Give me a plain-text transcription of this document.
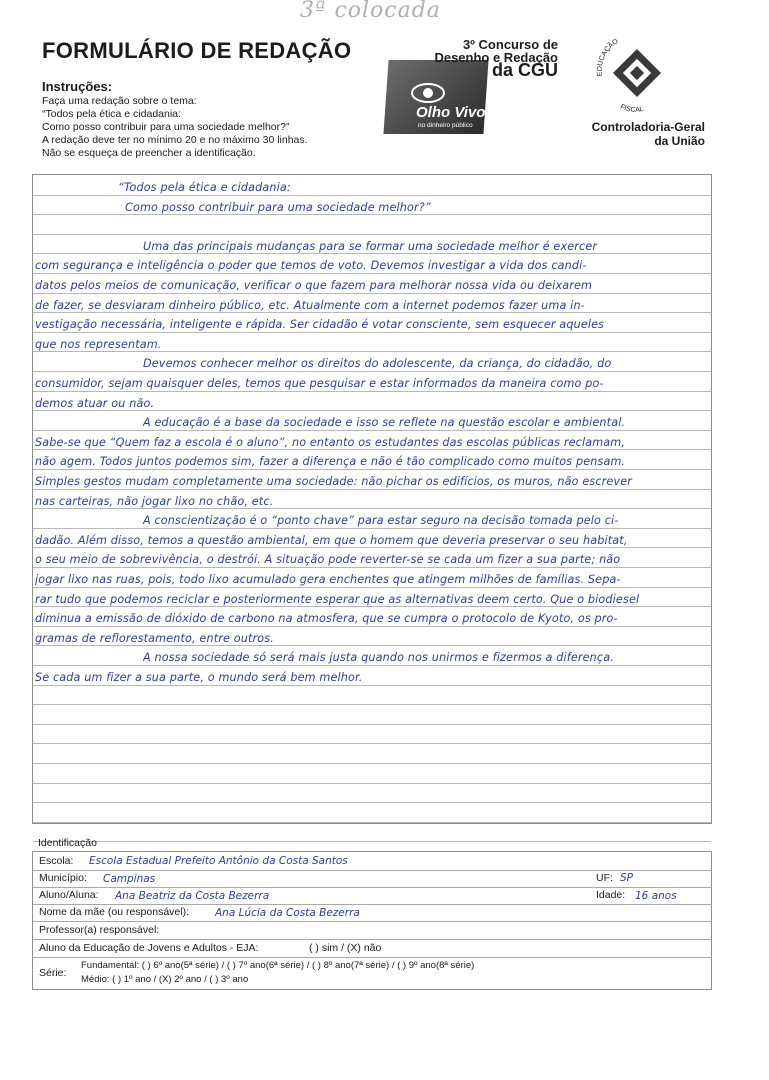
3ª colocada
FORMULÁRIO DE REDAÇÃO
Instruções:
Faça uma redação sobre o tema:
“Todos pela ética e cidadania:
Como posso contribuir para uma sociedade melhor?”
A redação deve ter no mínimo 20 e no máximo 30 linhas.
Não se esqueça de preencher a identificação.
3º Concurso de
Desenho e Redação
da CGU
Olho Vivo
no dinheiro público
EDUCAÇÃO
FISCAL
Controladoria-Geral
da União
“Todos pela ética e cidadania:
Como posso contribuir para uma sociedade melhor?”
Uma das principais mudanças para se formar uma sociedade melhor é exercer
com segurança e inteligência o poder que temos de voto. Devemos investigar a vida dos candi-
datos pelos meios de comunicação, verificar o que fazem para melhorar nossa vida ou deixarem
de fazer, se desviaram dinheiro público, etc. Atualmente com a internet podemos fazer uma in-
vestigação necessária, inteligente e rápida. Ser cidadão é votar consciente, sem esquecer aqueles
que nos representam.
Devemos conhecer melhor os direitos do adolescente, da criança, do cidadão, do
consumidor, sejam quaisquer deles, temos que pesquisar e estar informados da maneira como po-
demos atuar ou não.
A educação é a base da sociedade e isso se reflete na questão escolar e ambiental.
Sabe-se que “Quem faz a escola é o aluno”, no entanto os estudantes das escolas públicas reclamam,
não agem. Todos juntos podemos sim, fazer a diferença e não é tão complicado como muitos pensam.
Simples gestos mudam completamente uma sociedade: não pichar os edifícios, os muros, não escrever
nas carteiras, não jogar lixo no chão, etc.
A conscientização é o “ponto chave” para estar seguro na decisão tomada pelo ci-
dadão. Além disso, temos a questão ambiental, em que o homem que deveria preservar o seu habitat,
o seu meio de sobrevivência, o destrói. A situação pode reverter-se se cada um fizer a sua parte; não
jogar lixo nas ruas, pois, todo lixo acumulado gera enchentes que atingem milhões de famílias. Sepa-
rar tudo que podemos reciclar e posteriormente esperar que as alternativas deem certo. Que o biodiesel
diminua a emissão de dióxido de carbono na atmosfera, que se cumpra o protocolo de Kyoto, os pro-
gramas de reflorestamento, entre outros.
A nossa sociedade só será mais justa quando nos unirmos e fizermos a diferença.
Se cada um fizer a sua parte, o mundo será bem melhor.
Identificação
Escola: Escola Estadual Prefeito Antônio da Costa Santos
Município: Campinas	UF: SP
Aluno/Aluna: Ana Beatriz da Costa Bezerra	Idade: 16 anos
Nome da mãe (ou responsável): Ana Lúcia da Costa Bezerra
Professor(a) responsável:
Aluno da Educação de Jovens e Adultos - EJA:	( ) sim / (X) não
Série:
Fundamental: ( ) 6º ano(5ª série) / ( ) 7º ano(6ª série) / ( ) 8º ano(7ª série) / ( ) 9º ano(8ª série)
Médio: ( ) 1º ano / (X) 2º ano / ( ) 3º ano
